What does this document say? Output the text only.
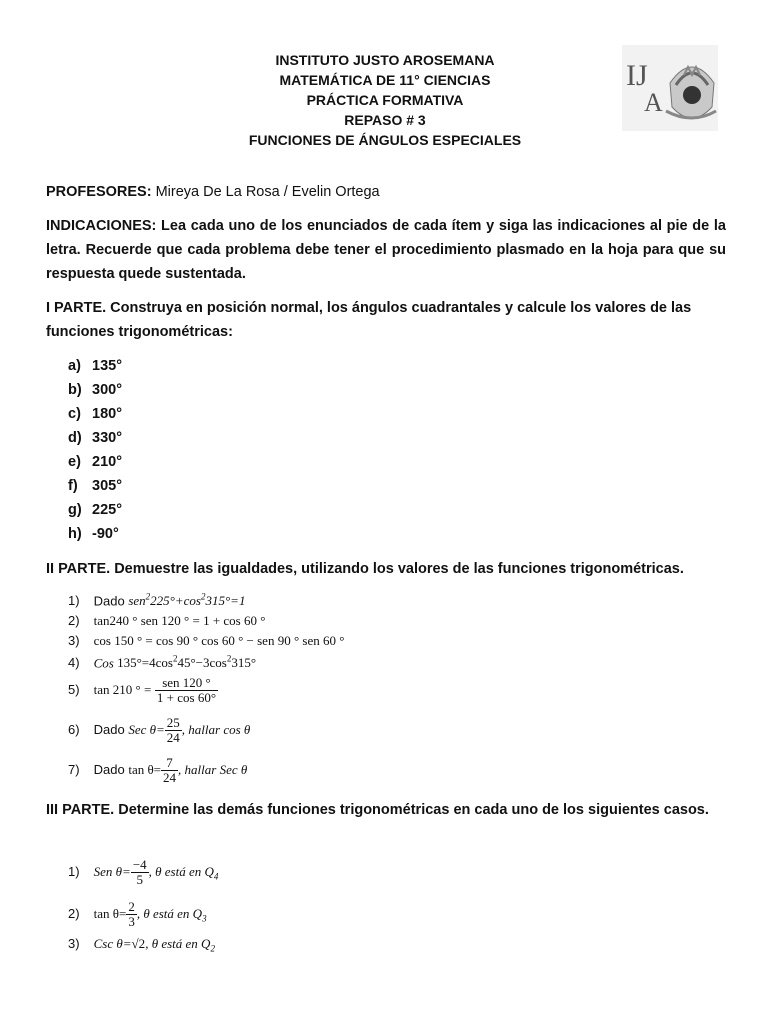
INSTITUTO JUSTO AROSEMANA
MATEMÁTICA DE 11° CIENCIAS
PRÁCTICA FORMATIVA
REPASO # 3
FUNCIONES DE ÁNGULOS ESPECIALES
IJ
A
PROFESORES: Mireya De La Rosa / Evelin Ortega
INDICACIONES: Lea cada uno de los enunciados de cada ítem y siga las indicaciones al pie de la letra. Recuerde que cada problema debe tener el procedimiento plasmado en la hoja para que su respuesta quede sustentada.
I PARTE. Construya en posición normal, los ángulos cuadrantales y calcule los valores de las funciones trigonométricas:
a) 135°
b) 300°
c) 180°
d) 330°
e) 210°
f) 305°
g) 225°
h) -90°
II PARTE. Demuestre las igualdades, utilizando los valores de las funciones trigonométricas.
1) Dado $sen^2225^\circ+\cos^2315^\circ=1$
2) tan240 ° sen 120 ° = 1 + cos 60 °
3) cos 150 ° = cos 90 ° cos 60 ° − sen 90 ° sen 60 °
4) Cos $135^\circ=4\cos^245^\circ-3\cos^2315^\circ$
5) tan 210 ° = $\frac{\text{sen 120 °}}{1 + \cos 60^\circ}$
6) Dado Sec $\theta= \frac{25}{24}$ , hallar cos θ
7) Dado $\tan \theta= \frac{7}{24}$ , hallar Sec θ
III PARTE. Determine las demás funciones trigonométricas en cada uno de los siguientes casos.
1) Sen $\theta= \frac{-4}{5}$ , θ está en $Q_4$
2) $\tan \theta= \frac{2}{3}$ , θ está en $Q_3$
3) Csc θ=√2, θ está en $Q_2$
